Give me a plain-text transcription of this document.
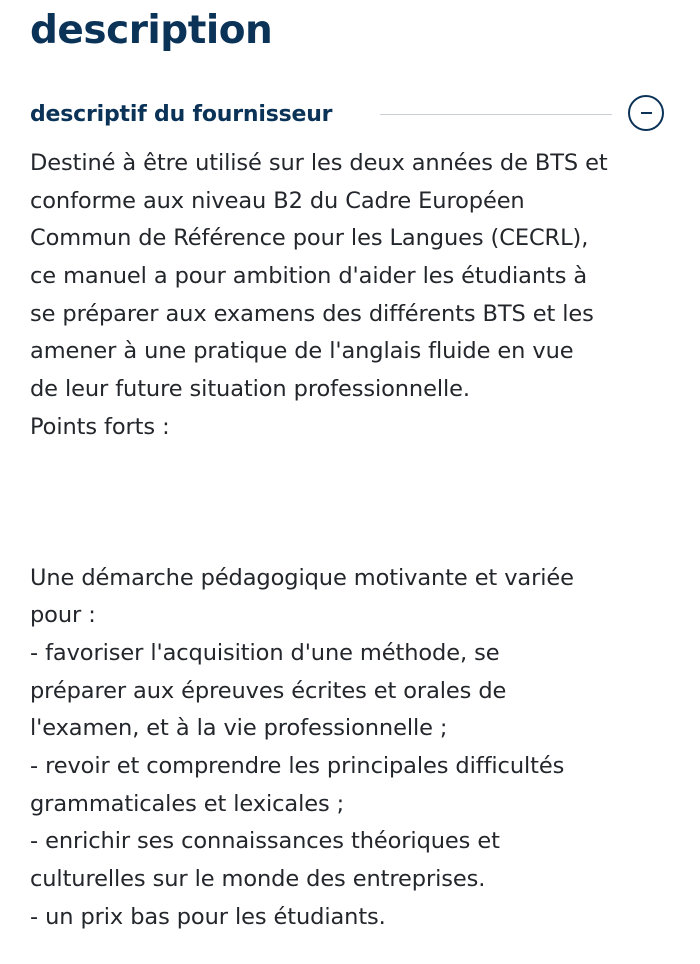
description
descriptif du fournisseur
Destiné à être utilisé sur les deux années de BTS et
conforme aux niveau B2 du Cadre Européen
Commun de Référence pour les Langues (CECRL),
ce manuel a pour ambition d'aider les étudiants à
se préparer aux examens des différents BTS et les
amener à une pratique de l'anglais fluide en vue
de leur future situation professionnelle.
Points forts :
Une démarche pédagogique motivante et variée
pour :
- favoriser l'acquisition d'une méthode, se
préparer aux épreuves écrites et orales de
l'examen, et à la vie professionnelle ;
- revoir et comprendre les principales difficultés
grammaticales et lexicales ;
- enrichir ses connaissances théoriques et
culturelles sur le monde des entreprises.
- un prix bas pour les étudiants.
